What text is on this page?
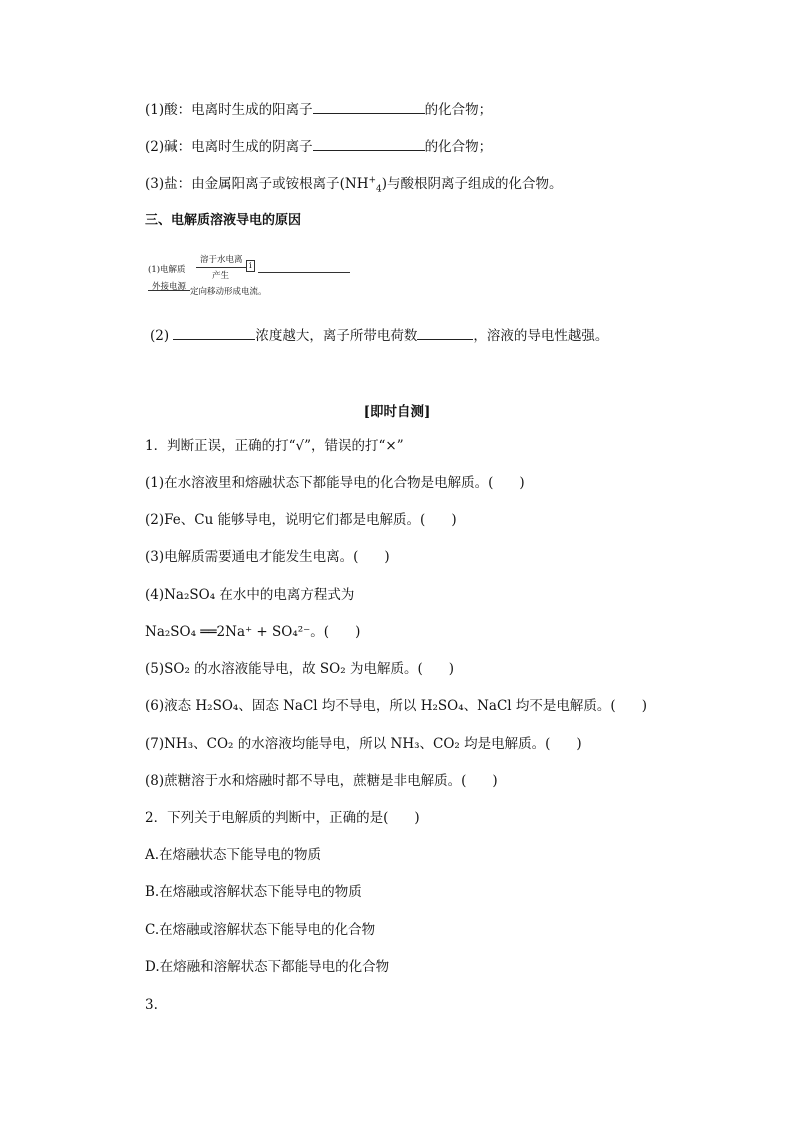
(1)酸：电离时生成的阳离子	的化合物；
(2)碱：电离时生成的阴离子	的化合物；
(3)盐：由金属阳离子或铵根离子$(NH^+_4)$与酸根阴离子组成的化合物。
三、电解质溶液导电的原因
(1)电解质
溶于水电离
产生
ⅰ
外接电源 定向移动形成电流。
(2)	浓度越大，离子所带电荷数	，溶液的导电性越强。
[即时自测]
1．判断正误，正确的打“√”，错误的打“×”
(1)在水溶液里和熔融状态下都能导电的化合物是电解质。( )
(2)Fe、Cu 能够导电，说明它们都是电解质。( )
(3)电解质需要通电才能发生电离。( )
(4)Na₂SO₄ 在水中的电离方程式为
Na₂SO₄ ══2Na⁺ + SO₄²⁻。( )
(5)SO₂ 的水溶液能导电，故 SO₂ 为电解质。( )
(6)液态 H₂SO₄、固态 NaCl 均不导电，所以 H₂SO₄、NaCl 均不是电解质。( )
(7)NH₃、CO₂ 的水溶液均能导电，所以 NH₃、CO₂ 均是电解质。( )
(8)蔗糖溶于水和熔融时都不导电，蔗糖是非电解质。( )
2．下列关于电解质的判断中，正确的是( )
A.在熔融状态下能导电的物质
B.在熔融或溶解状态下能导电的物质
C.在熔融或溶解状态下能导电的化合物
D.在熔融和溶解状态下都能导电的化合物
3.
